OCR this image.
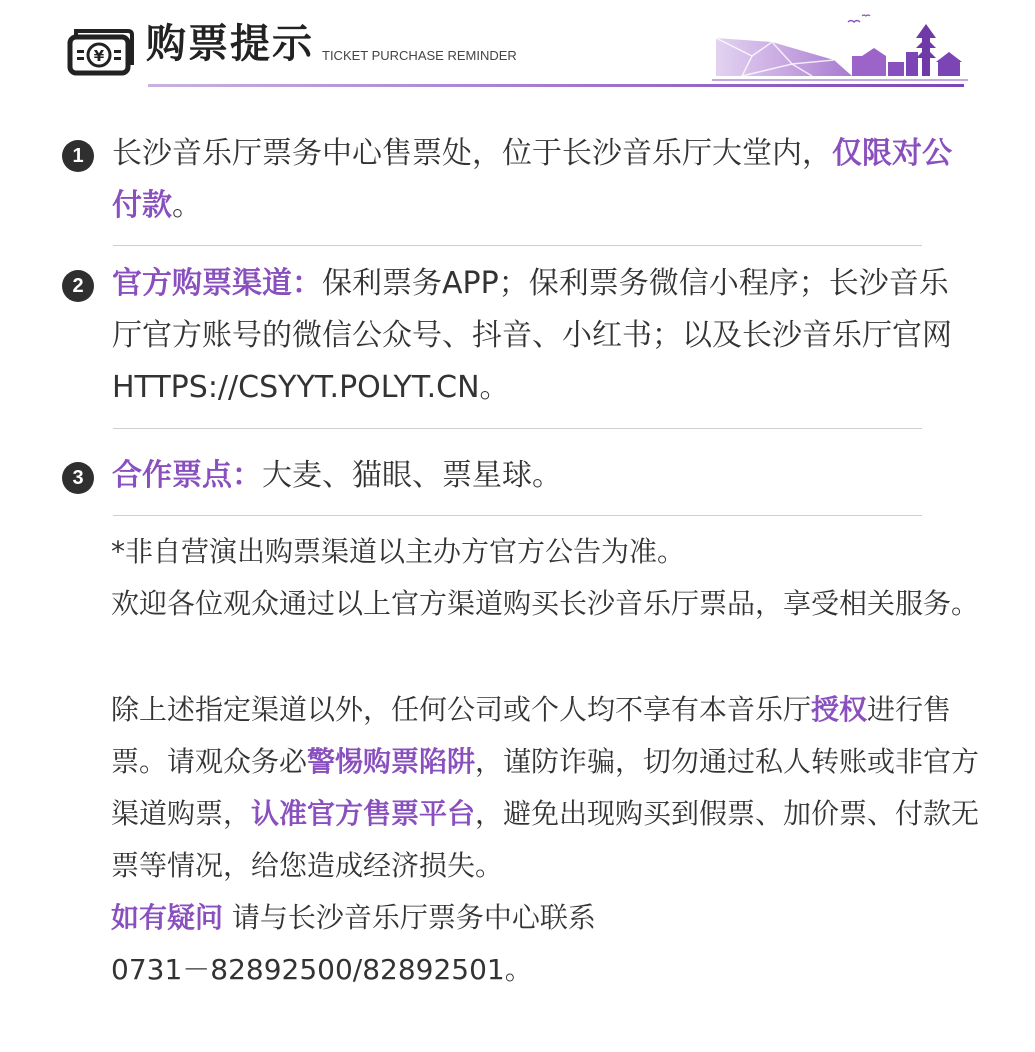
¥ 购票提示 TICKET PURCHASE REMINDER
1 长沙音乐厅票务中心售票处，位于长沙音乐厅大堂内，仅限对公付款。

2 官方购票渠道：保利票务APP；保利票务微信小程序；长沙音乐厅官方账号的微信公众号、抖音、小红书；以及长沙音乐厅官网HTTPS://CSYYT.POLYT.CN。

3 合作票点：大麦、猫眼、票星球。

*非自营演出购票渠道以主办方官方公告为准。

欢迎各位观众通过以上官方渠道购买长沙音乐厅票品，享受相关服务。

除上述指定渠道以外，任何公司或个人均不享有本音乐厅授权进行售票。请观众务必警惕购票陷阱，谨防诈骗，切勿通过私人转账或非官方渠道购票，认准官方售票平台，避免出现购买到假票、加价票、付款无票等情况，给您造成经济损失。

如有疑问 请与长沙音乐厅票务中心联系

0731－82892500/82892501。
